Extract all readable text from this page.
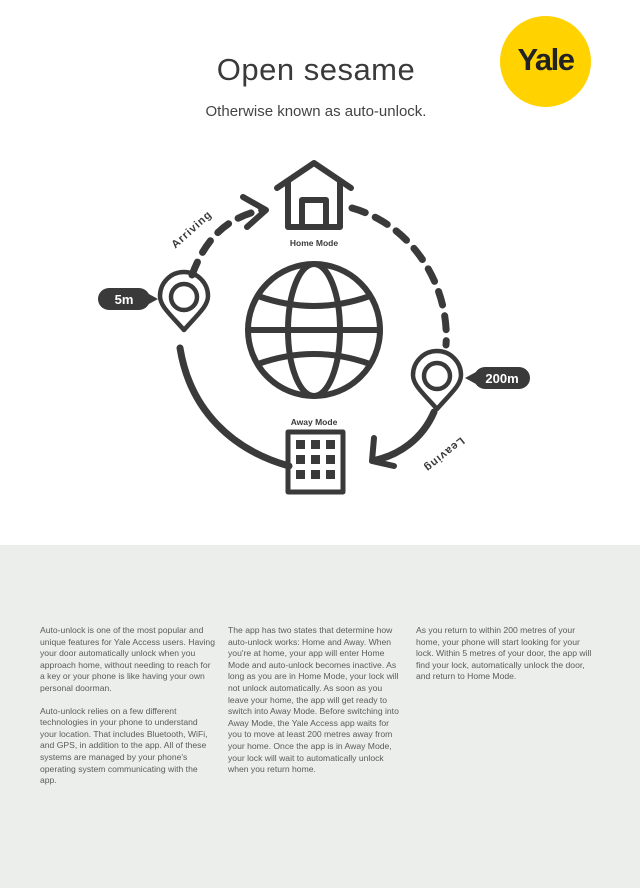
Open sesame
Otherwise known as auto-unlock.
Yale
5m
200m
Home Mode
Away Mode
Arriving
Leaving

Auto-unlock is one of the most popular and unique features for Yale Access users. Having your door automatically unlock when you approach home, without needing to reach for a key or your phone is like having your own personal doorman.

Auto-unlock relies on a few different technologies in your phone to understand your location. That includes Bluetooth, WiFi, and GPS, in addition to the app. All of these systems are managed by your phone's operating system communicating with the app.

The app has two states that determine how auto-unlock works: Home and Away. When you're at home, your app will enter Home Mode and auto-unlock becomes inactive. As long as you are in Home Mode, your lock will not unlock automatically. As soon as you leave your home, the app will get ready to switch into Away Mode. Before switching into Away Mode, the Yale Access app waits for you to move at least 200 metres away from your home. Once the app is in Away Mode, your lock will wait to automatically unlock when you return home.

As you return to within 200 metres of your home, your phone will start looking for your lock. Within 5 metres of your door, the app will find your lock, automatically unlock the door, and return to Home Mode.
